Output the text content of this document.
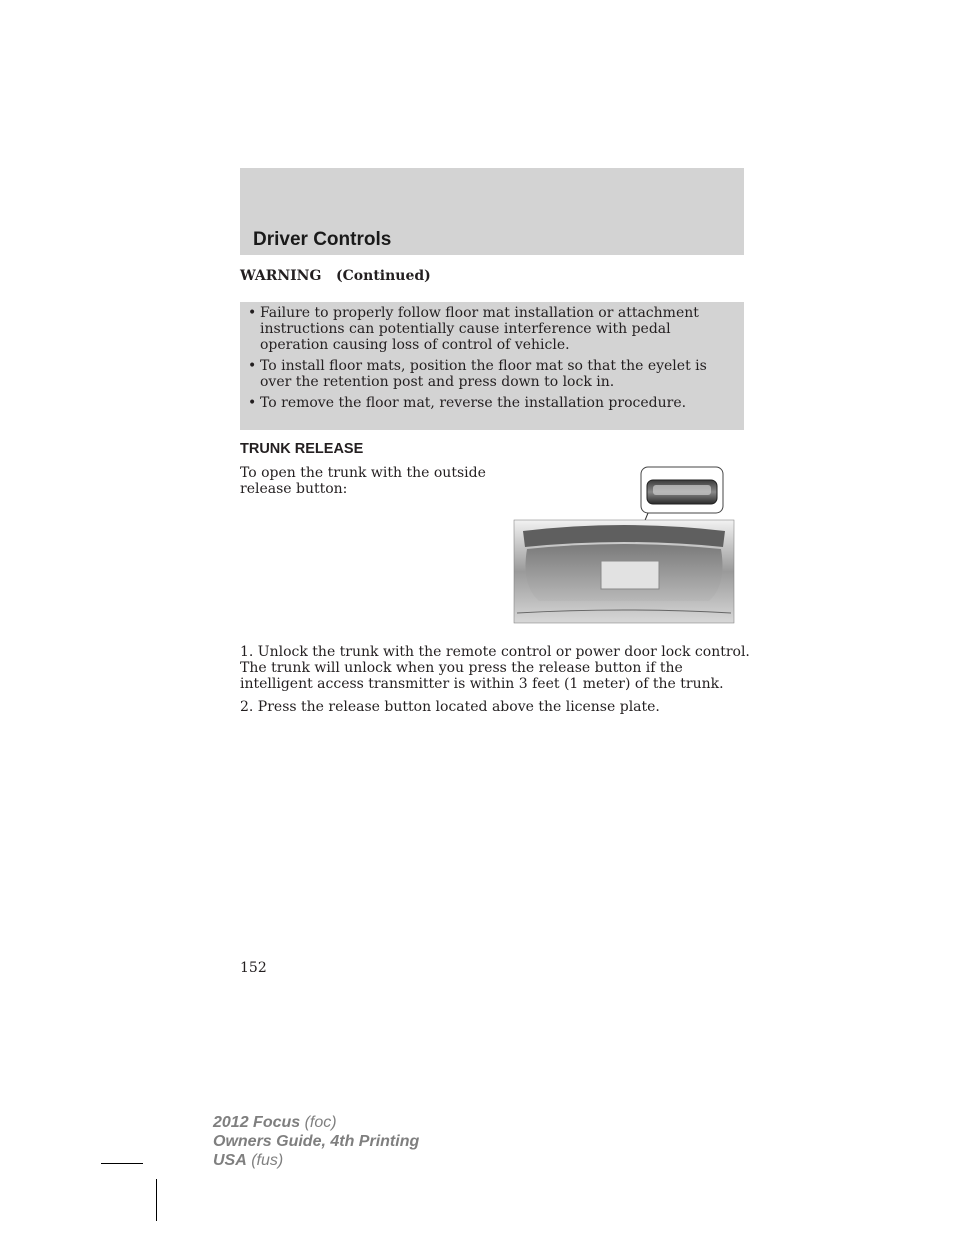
Driver Controls

WARNING   (Continued)

• Failure to properly follow floor mat installation or attachment instructions can potentially cause interference with pedal operation causing loss of control of vehicle.
• To install floor mats, position the floor mat so that the eyelet is over the retention post and press down to lock in.
• To remove the floor mat, reverse the installation procedure.
TRUNK RELEASE

To open the trunk with the outside release button:

1. Unlock the trunk with the remote control or power door lock control. The trunk will unlock when you press the release button if the intelligent access transmitter is within 3 feet (1 meter) of the trunk.

2. Press the release button located above the license plate.

152

2012 Focus (foc)
Owners Guide, 4th Printing
USA (fus)
